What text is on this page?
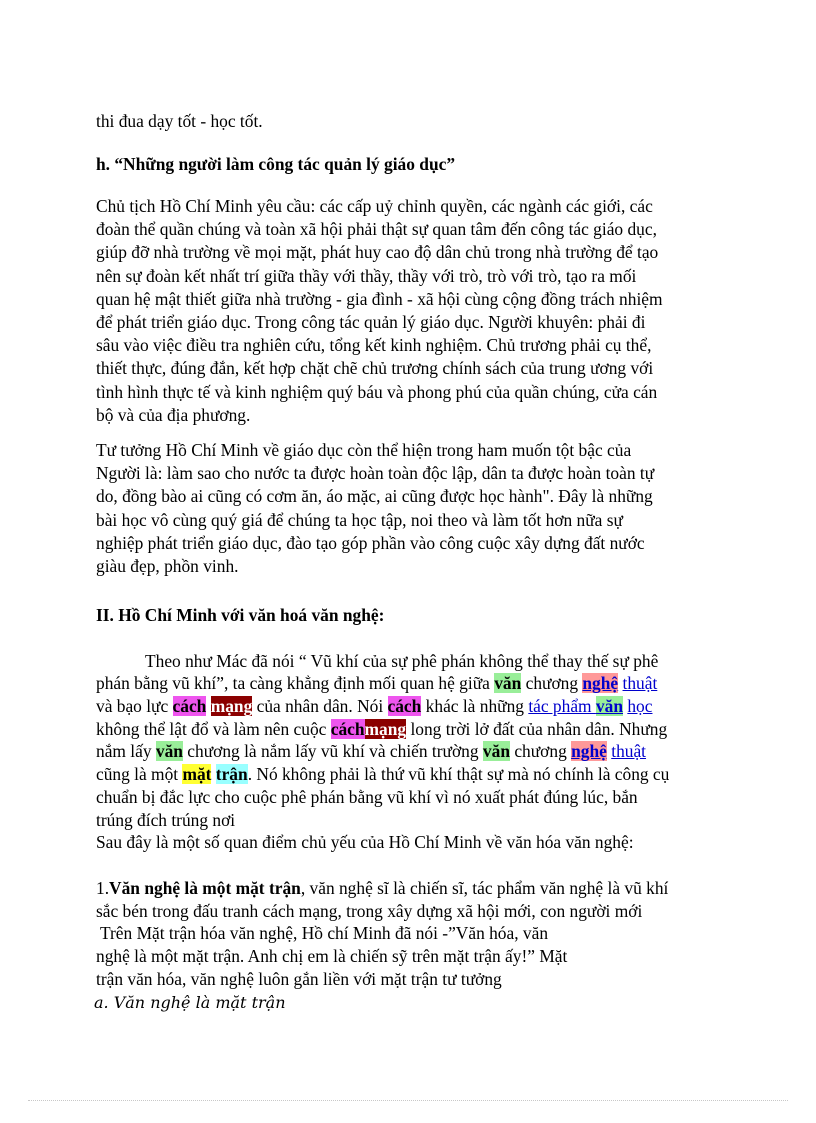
thi đua dạy tốt - học tốt.
h. “Những người làm công tác quản lý giáo dục”
Chủ tịch Hồ Chí Minh yêu cầu: các cấp uỷ chỉnh quyền, các ngành các giới, các
đoàn thể quần chúng và toàn xã hội phải thật sự quan tâm đến công tác giáo dục,
giúp đỡ nhà trường về mọi mặt, phát huy cao độ dân chủ trong nhà trường để tạo
nên sự đoàn kết nhất trí giữa thầy với thầy, thầy với trò, trò với trò, tạo ra mối
quan hệ mật thiết giữa nhà trường - gia đình - xã hội cùng cộng đồng trách nhiệm
để phát triển giáo dục. Trong công tác quản lý giáo dục. Người khuyên: phải đi
sâu vào việc điều tra nghiên cứu, tổng kết kinh nghiệm. Chủ trương phải cụ thể,
thiết thực, đúng đắn, kết hợp chặt chẽ chủ trương chính sách của trung ương với
tình hình thực tế và kinh nghiệm quý báu và phong phú của quần chúng, cửa cán
bộ và của địa phương.
Tư tưởng Hồ Chí Minh về giáo dục còn thể hiện trong ham muốn tột bậc của
Người là: làm sao cho nước ta được hoàn toàn độc lập, dân ta được hoàn toàn tự
do, đồng bào ai cũng có cơm ăn, áo mặc, ai cũng được học hành". Đây là những
bài học vô cùng quý giá để chúng ta học tập, noi theo và làm tốt hơn nữa sự
nghiệp phát triển giáo dục, đào tạo góp phần vào công cuộc xây dựng đất nước
giàu đẹp, phồn vinh.
II. Hồ Chí Minh với văn hoá văn nghệ:
Theo như Mác đã nói “ Vũ khí của sự phê phán không thể thay thế sự phê
phán bằng vũ khí”, ta càng khẳng định mối quan hệ giữa văn chương nghệ thuật
và bạo lực cách mạng của nhân dân. Nói cách khác là những tác phẩm văn học
không thể lật đổ và làm nên cuộc cáchmạng long trời lở đất của nhân dân. Nhưng
nắm lấy văn chương là nắm lấy vũ khí và chiến trường văn chương nghệ thuật
cũng là một mặt trận. Nó không phải là thứ vũ khí thật sự mà nó chính là công cụ
chuẩn bị đắc lực cho cuộc phê phán bằng vũ khí vì nó xuất phát đúng lúc, bắn
trúng đích trúng nơi
Sau đây là một số quan điểm chủ yếu của Hồ Chí Minh về văn hóa văn nghệ:
1.Văn nghệ là một mặt trận, văn nghệ sĩ là chiến sĩ, tác phẩm văn nghệ là vũ khí
sắc bén trong đấu tranh cách mạng, trong xây dựng xã hội mới, con người mới
Trên Mặt trận hóa văn nghệ, Hồ chí Minh đã nói -”Văn hóa, văn
nghệ là một mặt trận. Anh chị em là chiến sỹ trên mặt trận ấy!” Mặt
trận văn hóa, văn nghệ luôn gắn liền với mặt trận tư tưởng
a. Văn nghệ là mặt trận
